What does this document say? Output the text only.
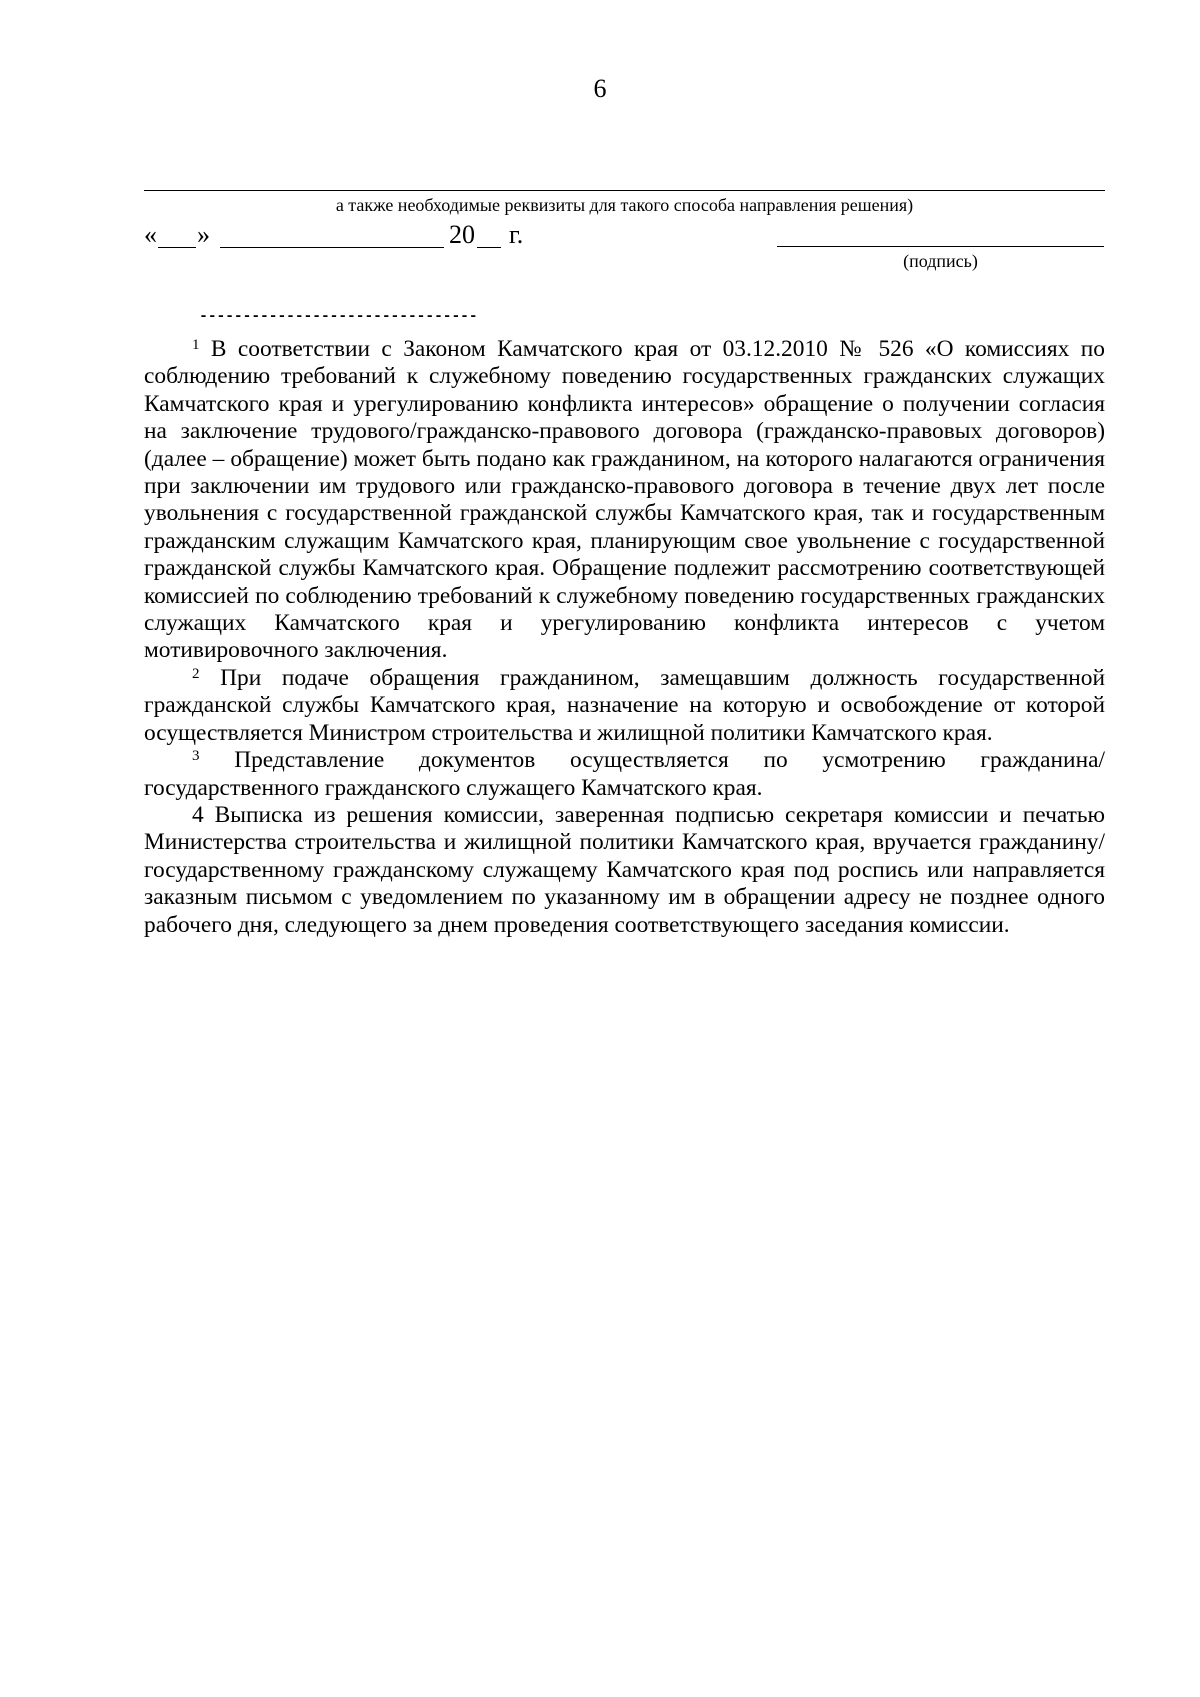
6
а также необходимые реквизиты для такого способа направления решения)
« »	20 г.
(подпись)
--------------------------------

$^1$ В соответствии с Законом Камчатского края от 03.12.2010 № 526 «О комиссиях по соблюдению требований к служебному поведению государственных гражданских служащих Камчатского края и урегулированию конфликта интересов» обращение о получении согласия на заключение трудового/гражданско-правового договора (гражданско-правовых договоров) (далее – обращение) может быть подано как гражданином, на которого налагаются ограничения при заключении им трудового или гражданско-правового договора в течение двух лет после увольнения с государственной гражданской службы Камчатского края, так и государственным гражданским служащим Камчатского края, планирующим свое увольнение с государственной гражданской службы Камчатского края. Обращение подлежит рассмотрению соответствующей комиссией по соблюдению требований к служебному поведению государственных гражданских служащих Камчатского края и урегулированию конфликта интересов с учетом мотивировочного заключения.

$^2$ При подаче обращения гражданином, замещавшим должность государственной гражданской службы Камчатского края, назначение на которую и освобождение от которой осуществляется Министром строительства и жилищной политики Камчатского края.

$^3$ Представление документов осуществляется по усмотрению гражданина/государственного гражданского служащего Камчатского края.

4 Выписка из решения комиссии, заверенная подписью секретаря комиссии и печатью Министерства строительства и жилищной политики Камчатского края, вручается гражданину/ государственному гражданскому служащему Камчатского края под роспись или направляется заказным письмом с уведомлением по указанному им в обращении адресу не позднее одного рабочего дня, следующего за днем проведения соответствующего заседания комиссии.
